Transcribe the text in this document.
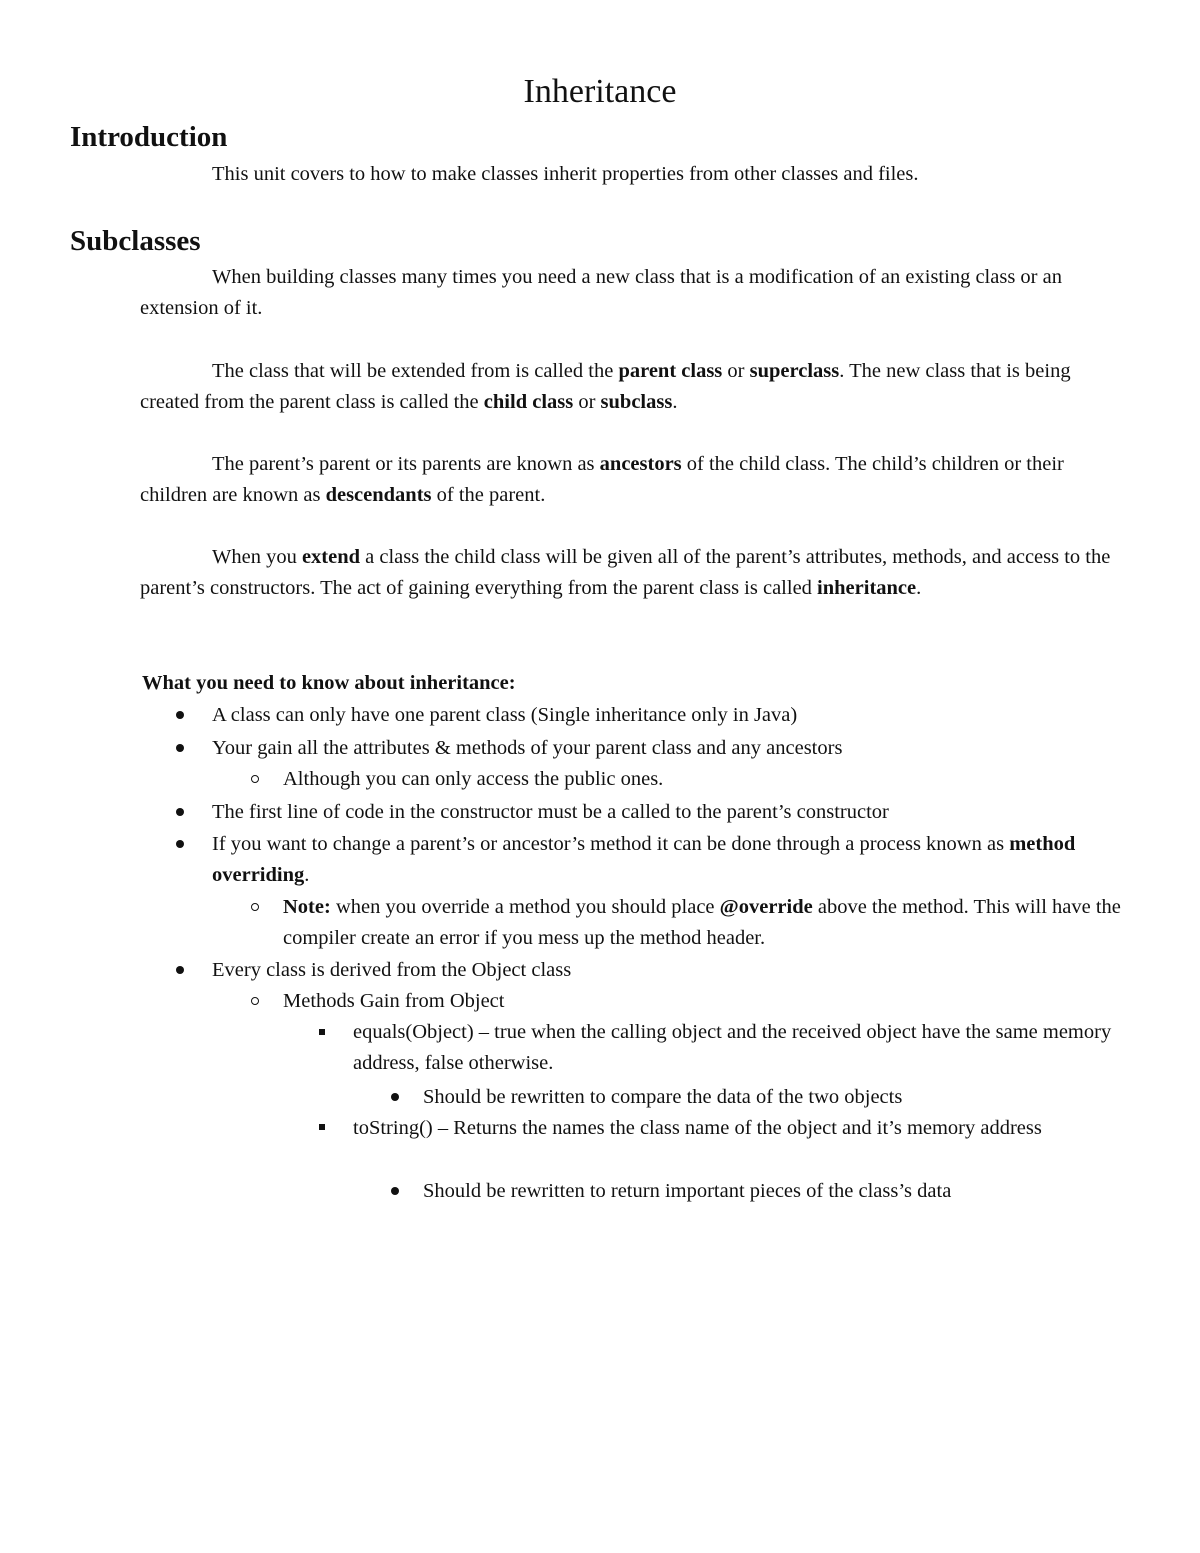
Inheritance
Introduction

This unit covers to how to make classes inherit properties from other classes and files.

Subclasses

When building classes many times you need a new class that is a modification of an existing class or an extension of it.

The class that will be extended from is called the parent class or superclass. The new class that is being created from the parent class is called the child class or subclass.

The parent’s parent or its parents are known as ancestors of the child class. The child’s children or their children are known as descendants of the parent.

When you extend a class the child class will be given all of the parent’s attributes, methods, and access to the parent’s constructors. The act of gaining everything from the parent class is called inheritance.

What you need to know about inheritance:

A class can only have one parent class (Single inheritance only in Java)

Your gain all the attributes & methods of your parent class and any ancestors

Although you can only access the public ones.

The first line of code in the constructor must be a called to the parent’s constructor

If you want to change a parent’s or ancestor’s method it can be done through a process known as method overriding.

Note: when you override a method you should place @override above the method. This will have the compiler create an error if you mess up the method header.

Every class is derived from the Object class

Methods Gain from Object

equals(Object) – true when the calling object and the received object have the same memory address, false otherwise.

Should be rewritten to compare the data of the two objects

toString() – Returns the names the class name of the object and it’s memory address

Should be rewritten to return important pieces of the class’s data
